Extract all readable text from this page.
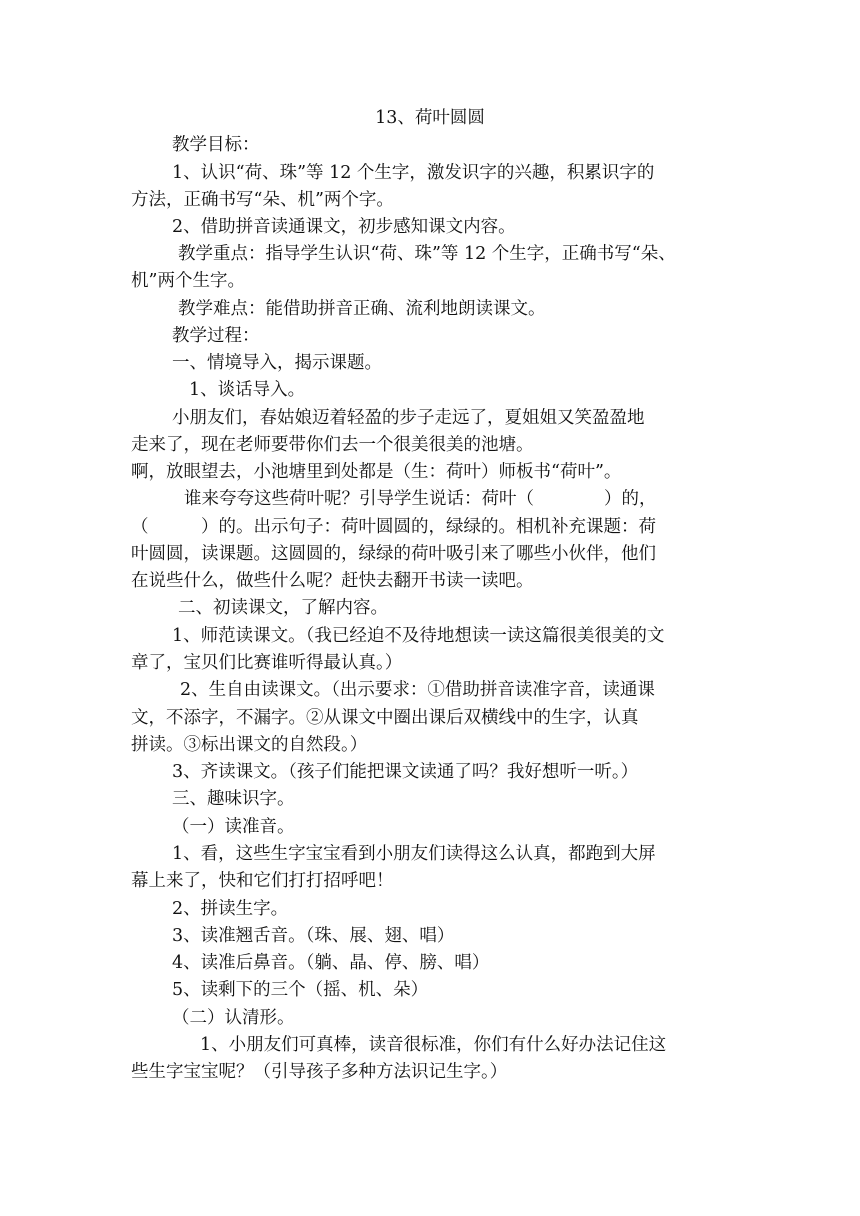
13、荷叶圆圆
教学目标：
1、认识“荷、珠”等 12 个生字，激发识字的兴趣，积累识字的
方法，正确书写“朵、机”两个字。
2、借助拼音读通课文，初步感知课文内容。
教学重点：指导学生认识“荷、珠”等 12 个生字，正确书写“朵、
机”两个生字。
教学难点：能借助拼音正确、流利地朗读课文。
教学过程：
一、情境导入，揭示课题。
1、谈话导入。
小朋友们，春姑娘迈着轻盈的步子走远了，夏姐姐又笑盈盈地
走来了，现在老师要带你们去一个很美很美的池塘。
啊，放眼望去，小池塘里到处都是（生：荷叶）师板书“荷叶”。
谁来夸夸这些荷叶呢？引导学生说话：荷叶（　　　　）的，
（　　　）的。出示句子：荷叶圆圆的，绿绿的。相机补充课题：荷
叶圆圆，读课题。这圆圆的，绿绿的荷叶吸引来了哪些小伙伴，他们
在说些什么，做些什么呢？赶快去翻开书读一读吧。
二、初读课文，了解内容。
1、师范读课文。（我已经迫不及待地想读一读这篇很美很美的文
章了，宝贝们比赛谁听得最认真。）
2、生自由读课文。（出示要求：①借助拼音读准字音，读通课
文，不添字，不漏字。②从课文中圈出课后双横线中的生字，认真
拼读。③标出课文的自然段。）
3、齐读课文。（孩子们能把课文读通了吗？我好想听一听。）
三、趣味识字。
（一）读准音。
1、看，这些生字宝宝看到小朋友们读得这么认真，都跑到大屏
幕上来了，快和它们打打招呼吧！
2、拼读生字。
3、读准翘舌音。（珠、展、翅、唱）
4、读准后鼻音。（躺、晶、停、膀、唱）
5、读剩下的三个（摇、机、朵）
（二）认清形。
1、小朋友们可真棒，读音很标准，你们有什么好办法记住这
些生字宝宝呢？（引导孩子多种方法识记生字。）
